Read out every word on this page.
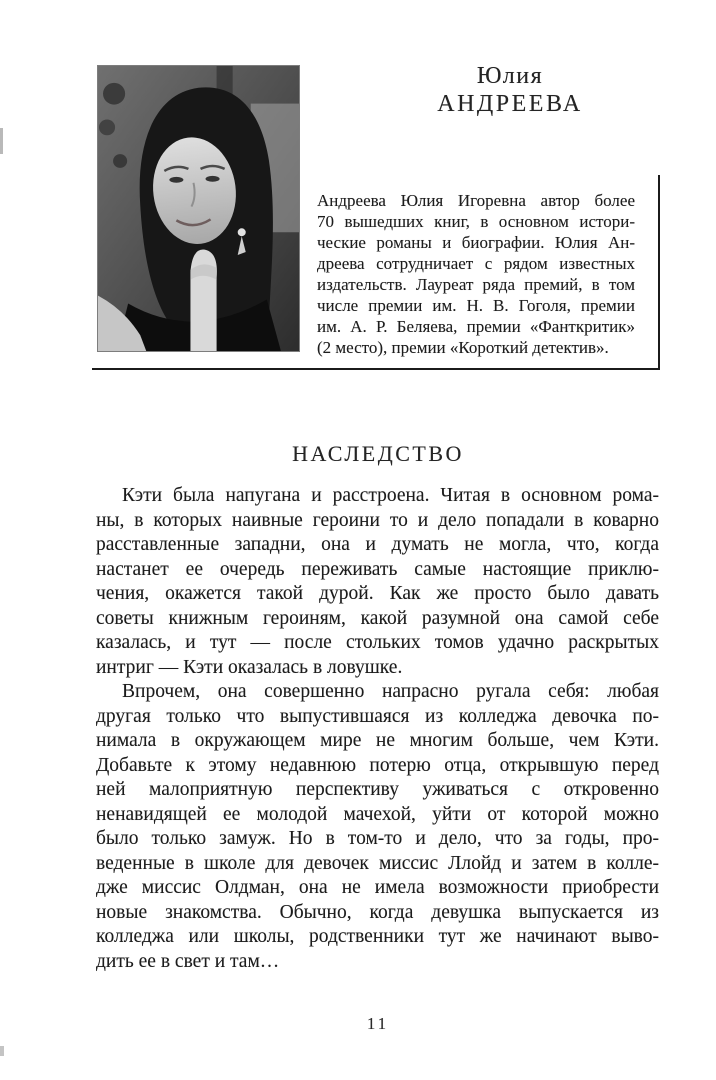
Юлия
АНДРЕЕВА
Андреева Юлия Игоревна автор более
70 вышедших книг, в основном истори-
ческие романы и биографии. Юлия Ан-
дреева сотрудничает с рядом известных
издательств. Лауреат ряда премий, в том
числе премии им. Н. В. Гоголя, премии
им. А. Р. Беляева, премии «Фанткритик»
(2 место), премии «Короткий детектив».
НАСЛЕДСТВО
Кэти была напугана и расстроена. Читая в основном рома-
ны, в которых наивные героини то и дело попадали в коварно
расставленные западни, она и думать не могла, что, когда
настанет ее очередь переживать самые настоящие приклю-
чения, окажется такой дурой. Как же просто было давать
советы книжным героиням, какой разумной она самой себе
казалась, и тут — после стольких томов удачно раскрытых
интриг — Кэти оказалась в ловушке.
Впрочем, она совершенно напрасно ругала себя: любая
другая только что выпустившаяся из колледжа девочка по-
нимала в окружающем мире не многим больше, чем Кэти.
Добавьте к этому недавнюю потерю отца, открывшую перед
ней малоприятную перспективу уживаться с откровенно
ненавидящей ее молодой мачехой, уйти от которой можно
было только замуж. Но в том-то и дело, что за годы, про-
веденные в школе для девочек миссис Ллойд и затем в колле-
дже миссис Олдман, она не имела возможности приобрести
новые знакомства. Обычно, когда девушка выпускается из
колледжа или школы, родственники тут же начинают выво-
дить ее в свет и там…
11
